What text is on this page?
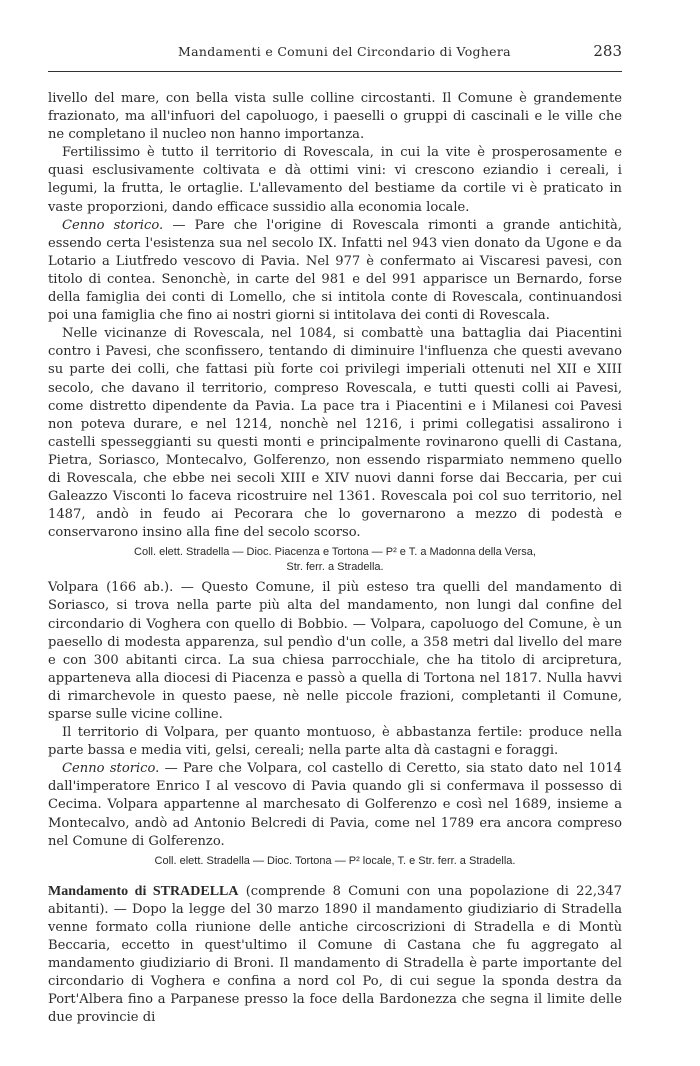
Mandamenti e Comuni del Circondario di Voghera	283

livello del mare, con bella vista sulle colline circostanti. Il Comune è grandemente frazionato, ma all'infuori del capoluogo, i paeselli o gruppi di cascinali e le ville che ne completano il nucleo non hanno importanza.

Fertilissimo è tutto il territorio di Rovescala, in cui la vite è prosperosamente e quasi esclusivamente coltivata e dà ottimi vini: vi crescono eziandio i cereali, i legumi, la frutta, le ortaglie. L'allevamento del bestiame da cortile vi è praticato in vaste proporzioni, dando efficace sussidio alla economia locale.

Cenno storico. — Pare che l'origine di Rovescala rimonti a grande antichità, essendo certa l'esistenza sua nel secolo IX. Infatti nel 943 vien donato da Ugone e da Lotario a Liutfredo vescovo di Pavia. Nel 977 è confermato ai Viscaresi pavesi, con titolo di contea. Senonchè, in carte del 981 e del 991 apparisce un Bernardo, forse della famiglia dei conti di Lomello, che si intitola conte di Rovescala, continuandosi poi una famiglia che fino ai nostri giorni si intitolava dei conti di Rovescala.

Nelle vicinanze di Rovescala, nel 1084, si combattè una battaglia dai Piacentini contro i Pavesi, che sconfissero, tentando di diminuire l'influenza che questi avevano su parte dei colli, che fattasi più forte coi privilegi imperiali ottenuti nel XII e XIII secolo, che davano il territorio, compreso Rovescala, e tutti questi colli ai Pavesi, come distretto dipendente da Pavia. La pace tra i Piacentini e i Milanesi coi Pavesi non poteva durare, e nel 1214, nonchè nel 1216, i primi collegatisi assalirono i castelli spesseggianti su questi monti e principalmente rovinarono quelli di Castana, Pietra, Soriasco, Montecalvo, Golferenzo, non essendo risparmiato nemmeno quello di Rovescala, che ebbe nei secoli XIII e XIV nuovi danni forse dai Beccaria, per cui Galeazzo Visconti lo faceva ricostruire nel 1361. Rovescala poi col suo territorio, nel 1487, andò in feudo ai Pecorara che lo governarono a mezzo di podestà e conservarono insino alla fine del secolo scorso.

Coll. elett. Stradella — Dioc. Piacenza e Tortona — P² e T. a Madonna della Versa,
Str. ferr. a Stradella.

Volpara (166 ab.). — Questo Comune, il più esteso tra quelli del mandamento di Soriasco, si trova nella parte più alta del mandamento, non lungi dal confine del circondario di Voghera con quello di Bobbio. — Volpara, capoluogo del Comune, è un paesello di modesta apparenza, sul pendìo d'un colle, a 358 metri dal livello del mare e con 300 abitanti circa. La sua chiesa parrocchiale, che ha titolo di arcipretura, apparteneva alla diocesi di Piacenza e passò a quella di Tortona nel 1817. Nulla havvi di rimarchevole in questo paese, nè nelle piccole frazioni, completanti il Comune, sparse sulle vicine colline.

Il territorio di Volpara, per quanto montuoso, è abbastanza fertile: produce nella parte bassa e media viti, gelsi, cereali; nella parte alta dà castagni e foraggi.

Cenno storico. — Pare che Volpara, col castello di Ceretto, sia stato dato nel 1014 dall'imperatore Enrico I al vescovo di Pavia quando gli si confermava il possesso di Cecima. Volpara appartenne al marchesato di Golferenzo e così nel 1689, insieme a Montecalvo, andò ad Antonio Belcredi di Pavia, come nel 1789 era ancora compreso nel Comune di Golferenzo.

Coll. elett. Stradella — Dioc. Tortona — P² locale, T. e Str. ferr. a Stradella.

Mandamento di STRADELLA (comprende 8 Comuni con una popolazione di 22,347 abitanti). — Dopo la legge del 30 marzo 1890 il mandamento giudiziario di Stradella venne formato colla riunione delle antiche circoscrizioni di Stradella e di Montù Beccaria, eccetto in quest'ultimo il Comune di Castana che fu aggregato al mandamento giudiziario di Broni. Il mandamento di Stradella è parte importante del circondario di Voghera e confina a nord col Po, di cui segue la sponda destra da Port'Albera fino a Parpanese presso la foce della Bardonezza che segna il limite delle due provincie di
